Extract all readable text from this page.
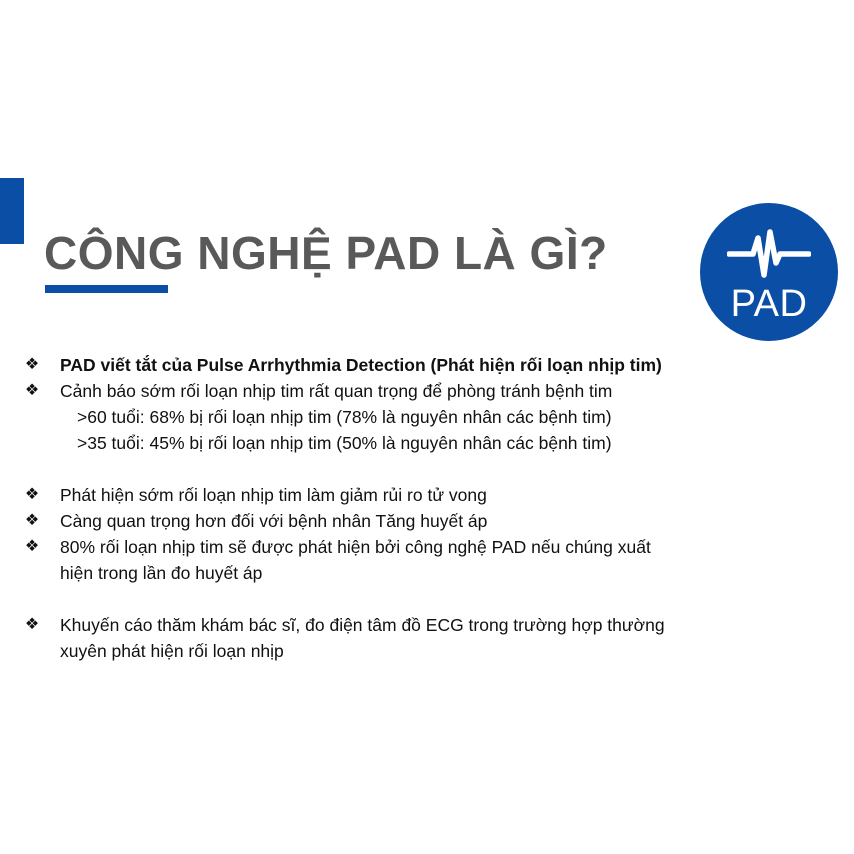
CÔNG NGHỆ PAD LÀ GÌ?
PAD
❖ PAD viết tắt của Pulse Arrhythmia Detection (Phát hiện rối loạn nhịp tim)
❖ Cảnh báo sớm rối loạn nhịp tim rất quan trọng để phòng tránh bệnh tim
>60 tuổi: 68% bị rối loạn nhịp tim (78% là nguyên nhân các bệnh tim)
>35 tuổi: 45% bị rối loạn nhịp tim (50% là nguyên nhân các bệnh tim)
❖ Phát hiện sớm rối loạn nhịp tim làm giảm rủi ro tử vong
❖ Càng quan trọng hơn đối với bệnh nhân Tăng huyết áp
❖ 80% rối loạn nhịp tim sẽ được phát hiện bởi công nghệ PAD nếu chúng xuất
hiện trong lần đo huyết áp
❖ Khuyến cáo thăm khám bác sĩ, đo điện tâm đồ ECG trong trường hợp thường
xuyên phát hiện rối loạn nhịp
